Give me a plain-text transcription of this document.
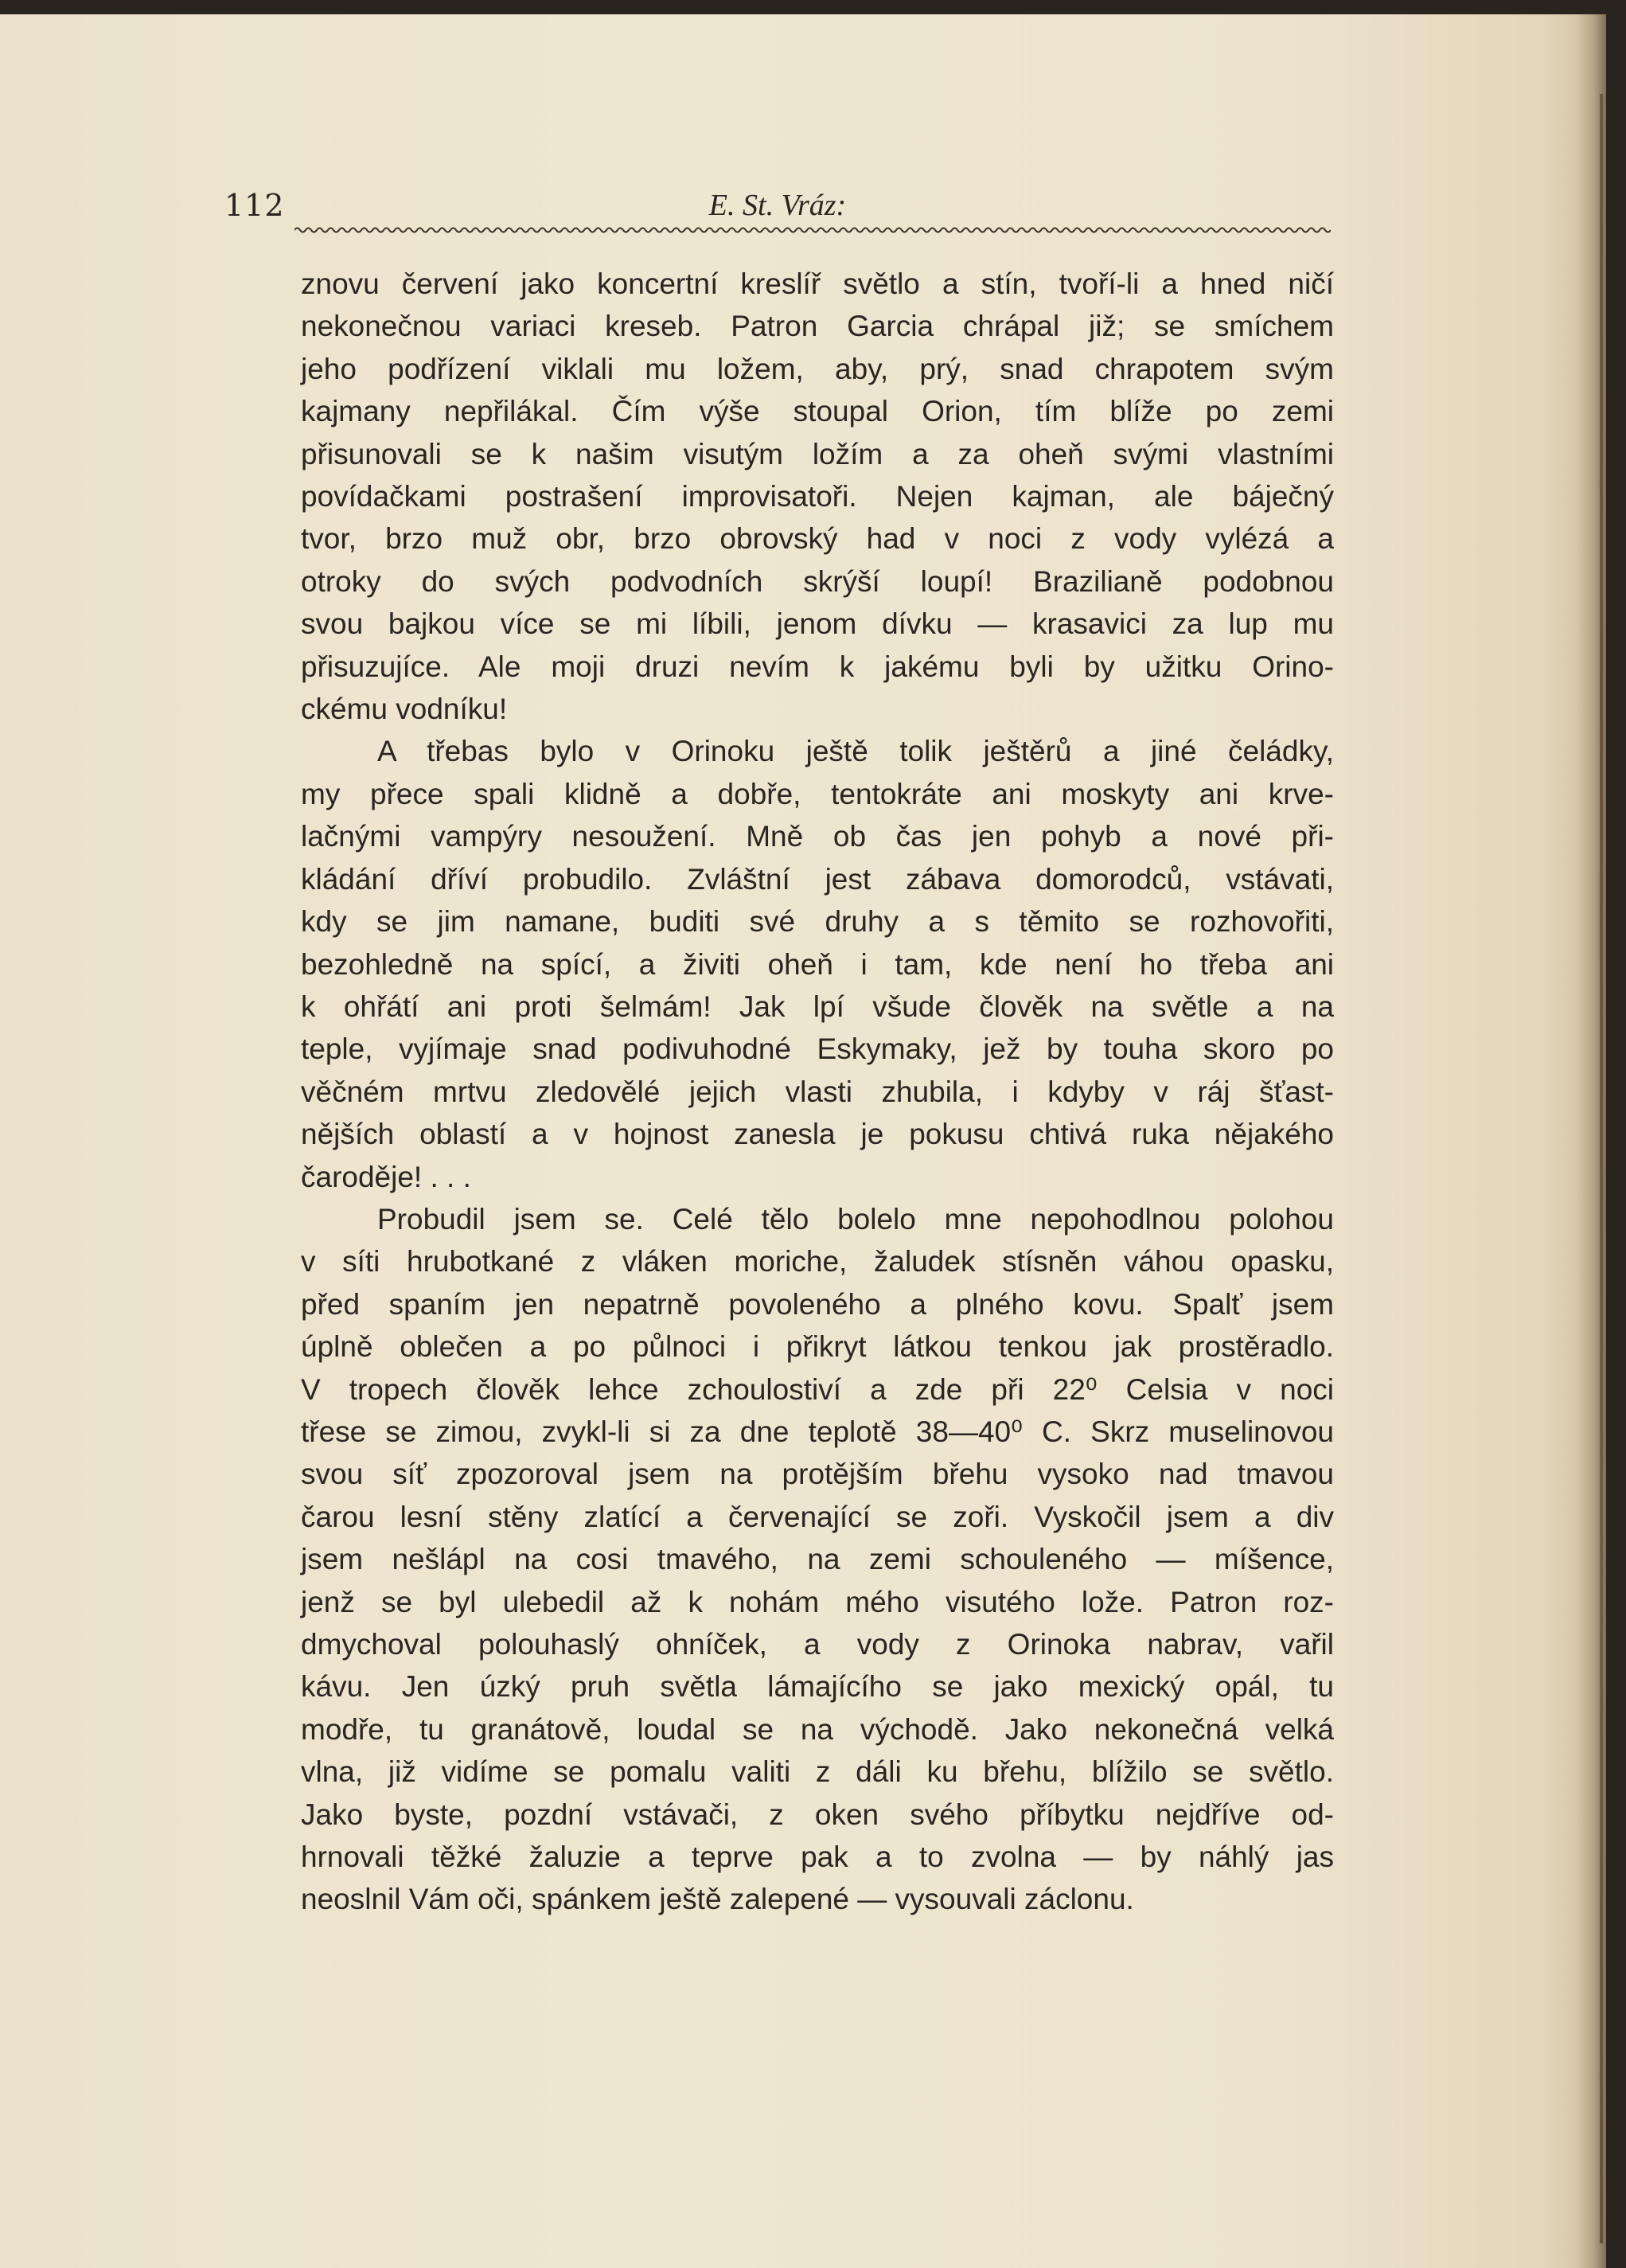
112	E. St. Vráz:
znovu červení jako koncertní kreslíř světlo a stín, tvoří-li a hned ničí
nekonečnou variaci kreseb. Patron Garcia chrápal již; se smíchem
jeho podřízení viklali mu ložem, aby, prý, snad chrapotem svým
kajmany nepřilákal. Čím výše stoupal Orion, tím blíže po zemi
přisunovali se k našim visutým ložím a za oheň svými vlastními
povídačkami postrašení improvisatoři. Nejen kajman, ale báječný
tvor, brzo muž obr, brzo obrovský had v noci z vody vylézá a
otroky do svých podvodních skrýší loupí! Brazilianě podobnou
svou bajkou více se mi líbili, jenom dívku — krasavici za lup mu
přisuzujíce. Ale moji druzi nevím k jakému byli by užitku Orino-
ckému vodníku!
A třebas bylo v Orinoku ještě tolik ještěrů a jiné čeládky,
my přece spali klidně a dobře, tentokráte ani moskyty ani krve-
lačnými vampýry nesoužení. Mně ob čas jen pohyb a nové při-
kládání dříví probudilo. Zvláštní jest zábava domorodců, vstávati,
kdy se jim namane, buditi své druhy a s těmito se rozhovořiti,
bezohledně na spící, a živiti oheň i tam, kde není ho třeba ani
k ohřátí ani proti šelmám! Jak lpí všude člověk na světle a na
teple, vyjímaje snad podivuhodné Eskymaky, jež by touha skoro po
věčném mrtvu zledovělé jejich vlasti zhubila, i kdyby v ráj šťast-
nějších oblastí a v hojnost zanesla je pokusu chtivá ruka nějakého
čaroděje! . . .
Probudil jsem se. Celé tělo bolelo mne nepohodlnou polohou
v síti hrubotkané z vláken moriche, žaludek stísněn váhou opasku,
před spaním jen nepatrně povoleného a plného kovu. Spalť jsem
úplně oblečen a po půlnoci i přikryt látkou tenkou jak prostěradlo.
V tropech člověk lehce zchoulostiví a zde při 22⁰ Celsia v noci
třese se zimou, zvykl-li si za dne teplotě 38—40⁰ C. Skrz muselinovou
svou síť zpozoroval jsem na protějším břehu vysoko nad tmavou
čarou lesní stěny zlatící a červenající se zoři. Vyskočil jsem a div
jsem nešlápl na cosi tmavého, na zemi schouleného — míšence,
jenž se byl ulebedil až k nohám mého visutého lože. Patron roz-
dmychoval polouhaslý ohníček, a vody z Orinoka nabrav, vařil
kávu. Jen úzký pruh světla lámajícího se jako mexický opál, tu
modře, tu granátově, loudal se na východě. Jako nekonečná velká
vlna, již vidíme se pomalu valiti z dáli ku břehu, blížilo se světlo.
Jako byste, pozdní vstávači, z oken svého příbytku nejdříve od-
hrnovali těžké žaluzie a teprve pak a to zvolna — by náhlý jas
neoslnil Vám oči, spánkem ještě zalepené — vysouvali záclonu.
